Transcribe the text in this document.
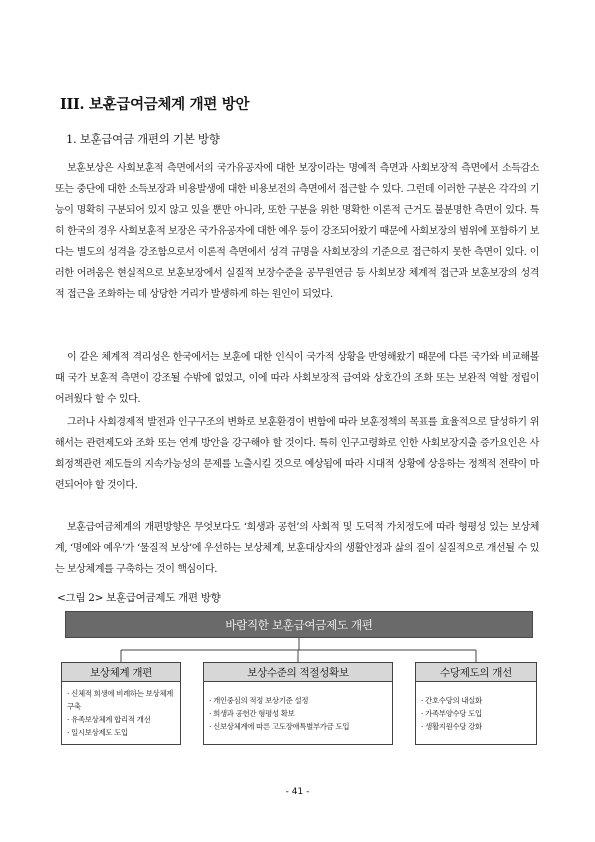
III. 보훈급여금체계 개편 방안
1. 보훈급여금 개편의 기본 방향

보훈보상은 사회보훈적 측면에서의 국가유공자에 대한 보장이라는 명예적 측면과 사회보장적 측면에서 소득감소 또는 중단에 대한 소득보장과 비용발생에 대한 비용보전의 측면에서 접근할 수 있다. 그런데 이러한 구분은 각각의 기능이 명확히 구분되어 있지 않고 있을 뿐만 아니라, 또한 구분을 위한 명확한 이론적 근거도 불분명한 측면이 있다. 특히 한국의 경우 사회보훈적 보장은 국가유공자에 대한 예우 등이 강조되어왔기 때문에 사회보장의 범위에 포함하기 보다는 별도의 성격을 강조함으로서 이론적 측면에서 성격 규명을 사회보장의 기준으로 접근하지 못한 측면이 있다. 이러한 어려움은 현실적으로 보훈보장에서 실질적 보장수준을 공무원연금 등 사회보장 체계적 접근과 보훈보장의 성격적 접근을 조화하는 데 상당한 거리가 발생하게 하는 원인이 되었다.

이 같은 체계적 격리성은 한국에서는 보훈에 대한 인식이 국가적 상황을 반영해왔기 때문에 다른 국가와 비교해볼 때 국가 보훈적 측면이 강조될 수밖에 없었고, 이에 따라 사회보장적 급여와 상호간의 조화 또는 보완적 역할 정립이 어려웠다 할 수 있다.

그러나 사회경제적 발전과 인구구조의 변화로 보훈환경이 변함에 따라 보훈정책의 목표를 효율적으로 달성하기 위해서는 관련제도와 조화 또는 연계 방안을 강구해야 할 것이다. 특히 인구고령화로 인한 사회보장지출 증가요인은 사회정책관련 제도들의 지속가능성의 문제를 노출시킬 것으로 예상됨에 따라 시대적 상황에 상응하는 정책적 전략이 마련되어야 할 것이다.

보훈급여금체계의 개편방향은 무엇보다도 ‘희생과 공헌’의 사회적 및 도덕적 가치정도에 따라 형평성 있는 보상체계, ‘명예와 예우’가 ‘물질적 보상’에 우선하는 보상체계, 보훈대상자의 생활안정과 삶의 질이 실질적으로 개선될 수 있는 보상체계를 구축하는 것이 핵심이다.

<그림 2> 보훈급여금제도 개편 방향
바람직한 보훈급여금제도 개편
보상체계 개편
· 신체적 희생에 비례하는 보상체계 구축
· 유족보상체계 합리적 개선
· 일시보상제도 도입
보상수준의 적절성확보
· 개인중심의 적정 보상기준 설정
· 희생과 공헌간 형평성 확보
· 신보상체계에 따른 고도장애특별부가금 도입
수당제도의 개선
· 간호수당의 내실화
· 가족부양수당 도입
· 생활지원수당 강화
- 41 -
